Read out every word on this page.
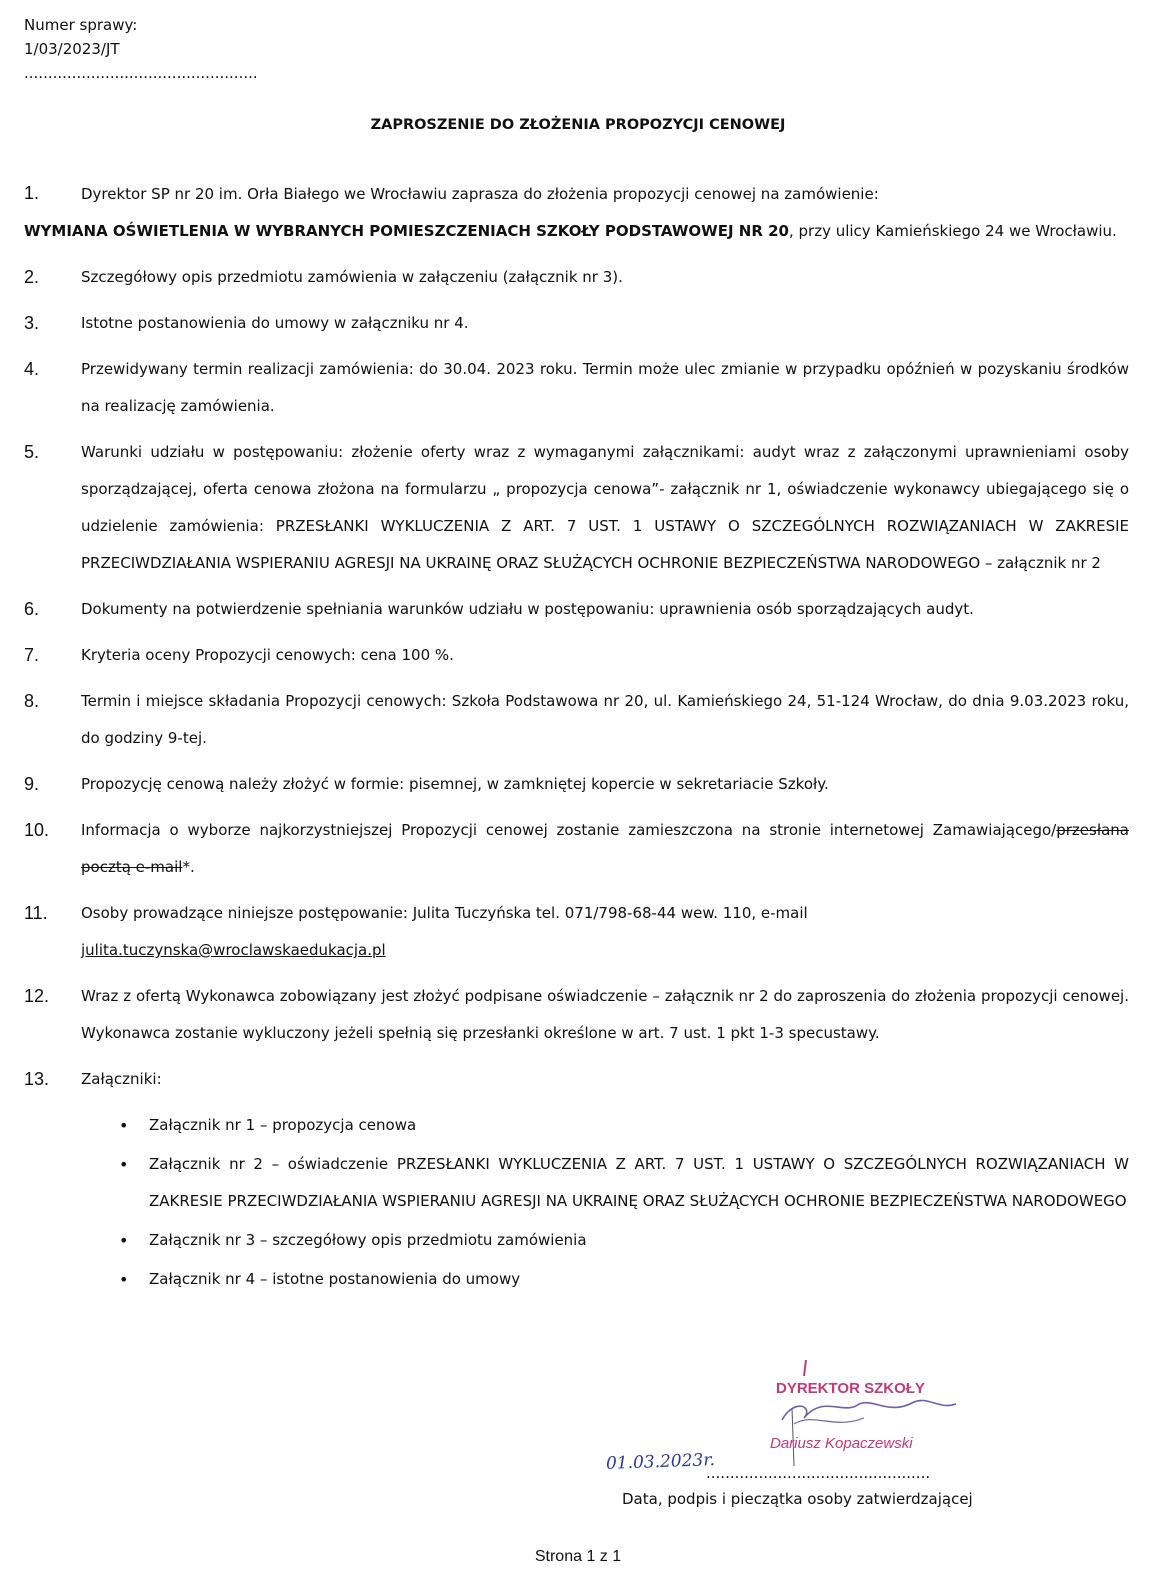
Numer sprawy:
1/03/2023/JT
.................................................
ZAPROSZENIE DO ZŁOŻENIA PROPOZYCJI CENOWEJ
1.	Dyrektor SP nr 20 im. Orła Białego we Wrocławiu zaprasza do złożenia propozycji cenowej na zamówienie:
WYMIANA OŚWIETLENIA W WYBRANYCH POMIESZCZENIACH SZKOŁY PODSTAWOWEJ NR 20, przy ulicy Kamieńskiego 24 we Wrocławiu.
2.	Szczegółowy opis przedmiotu zamówienia w załączeniu (załącznik nr 3).
3.	Istotne postanowienia do umowy w załączniku nr 4.
4.	Przewidywany termin realizacji zamówienia: do 30.04. 2023 roku. Termin może ulec zmianie w przypadku opóźnień w pozyskaniu środków na realizację zamówienia.
5.	Warunki udziału w postępowaniu: złożenie oferty wraz z wymaganymi załącznikami: audyt wraz z załączonymi uprawnieniami osoby sporządzającej, oferta cenowa złożona na formularzu „ propozycja cenowa”- załącznik nr 1, oświadczenie wykonawcy ubiegającego się o udzielenie zamówienia: PRZESŁANKI WYKLUCZENIA Z ART. 7 UST. 1 USTAWY O SZCZEGÓLNYCH ROZWIĄZANIACH W ZAKRESIE PRZECIWDZIAŁANIA WSPIERANIU AGRESJI NA UKRAINĘ ORAZ SŁUŻĄCYCH OCHRONIE BEZPIECZEŃSTWA NARODOWEGO – załącznik nr 2
6.	Dokumenty na potwierdzenie spełniania warunków udziału w postępowaniu: uprawnienia osób sporządzających audyt.
7.	Kryteria oceny Propozycji cenowych: cena 100 %.
8.	Termin i miejsce składania Propozycji cenowych: Szkoła Podstawowa nr 20, ul. Kamieńskiego 24, 51-124 Wrocław, do dnia 9.03.2023 roku, do godziny 9-tej.
9.	Propozycję cenową należy złożyć w formie: pisemnej, w zamkniętej kopercie w sekretariacie Szkoły.
10. Informacja o wyborze najkorzystniejszej Propozycji cenowej zostanie zamieszczona na stronie internetowej Zamawiającego/przesłana pocztą e-mail*.
11. Osoby prowadzące niniejsze postępowanie: Julita Tuczyńska tel. 071/798-68-44 wew. 110, e-mail
julita.tuczynska@wroclawskaedukacja.pl
12. Wraz z ofertą Wykonawca zobowiązany jest złożyć podpisane oświadczenie – załącznik nr 2 do zaproszenia do złożenia propozycji cenowej. Wykonawca zostanie wykluczony jeżeli spełnią się przesłanki określone w art. 7 ust. 1 pkt 1-3 specustawy.
13. Załączniki:
• Załącznik nr 1 – propozycja cenowa
• Załącznik nr 2 – oświadczenie PRZESŁANKI WYKLUCZENIA Z ART. 7 UST. 1 USTAWY O SZCZEGÓLNYCH ROZWIĄZANIACH W ZAKRESIE PRZECIWDZIAŁANIA WSPIERANIU AGRESJI NA UKRAINĘ ORAZ SŁUŻĄCYCH OCHRONIE BEZPIECZEŃSTWA NARODOWEGO
• Załącznik nr 3 – szczegółowy opis przedmiotu zamówienia
• Załącznik nr 4 – istotne postanowienia do umowy
DYREKTOR SZKOŁY
Dariusz Kopaczewski
01.03.2023r.
...............................................
Data, podpis i pieczątka osoby zatwierdzającej
Strona 1 z 1
